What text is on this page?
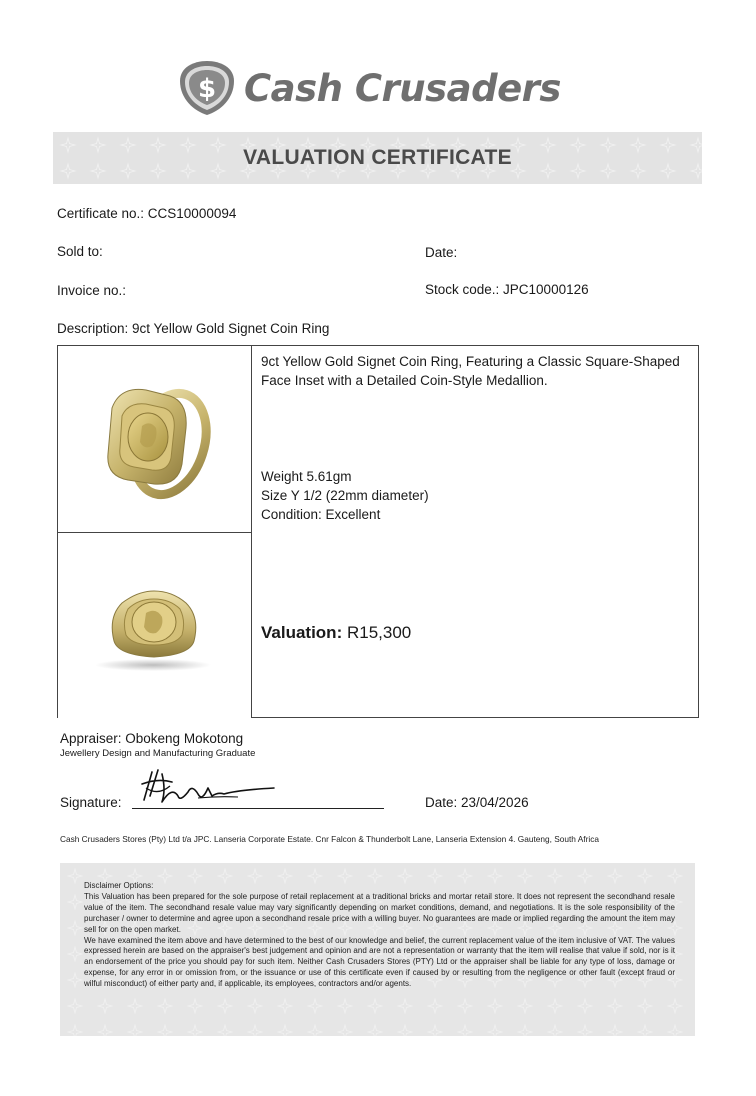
$ Cash Crusaders
VALUATION CERTIFICATE
Certificate no.: CCS10000094
Sold to:	Date:
Invoice no.:	Stock code.: JPC10000126
Description: 9ct Yellow Gold Signet Coin Ring
9ct Yellow Gold Signet Coin Ring, Featuring a Classic Square-Shaped Face Inset with a Detailed Coin-Style Medallion.
Weight 5.61gm
Size Y 1/2 (22mm diameter)
Condition: Excellent
Valuation: R15,300
Appraiser: Obokeng Mokotong
Jewellery Design and Manufacturing Graduate
Signature:	Date: 23/04/2026
Cash Crusaders Stores (Pty) Ltd t/a JPC. Lanseria Corporate Estate. Cnr Falcon & Thunderbolt Lane, Lanseria Extension 4. Gauteng, South Africa

Disclaimer Options:

This Valuation has been prepared for the sole purpose of retail replacement at a traditional bricks and mortar retail store. It does not represent the secondhand resale value of the item. The secondhand resale value may vary significantly depending on market conditions, demand, and negotiations. It is the sole responsibility of the purchaser / owner to determine and agree upon a secondhand resale price with a willing buyer. No guarantees are made or implied regarding the amount the item may sell for on the open market.

We have examined the item above and have determined to the best of our knowledge and belief, the current replacement value of the item inclusive of VAT. The values expressed herein are based on the appraiser's best judgement and opinion and are not a representation or warranty that the item will realise that value if sold, nor is it an endorsement of the price you should pay for such item. Neither Cash Crusaders Stores (PTY) Ltd or the appraiser shall be liable for any type of loss, damage or expense, for any error in or omission from, or the issuance or use of this certificate even if caused by or resulting from the negligence or other fault (except fraud or wilful misconduct) of either party and, if applicable, its employees, contractors and/or agents.
